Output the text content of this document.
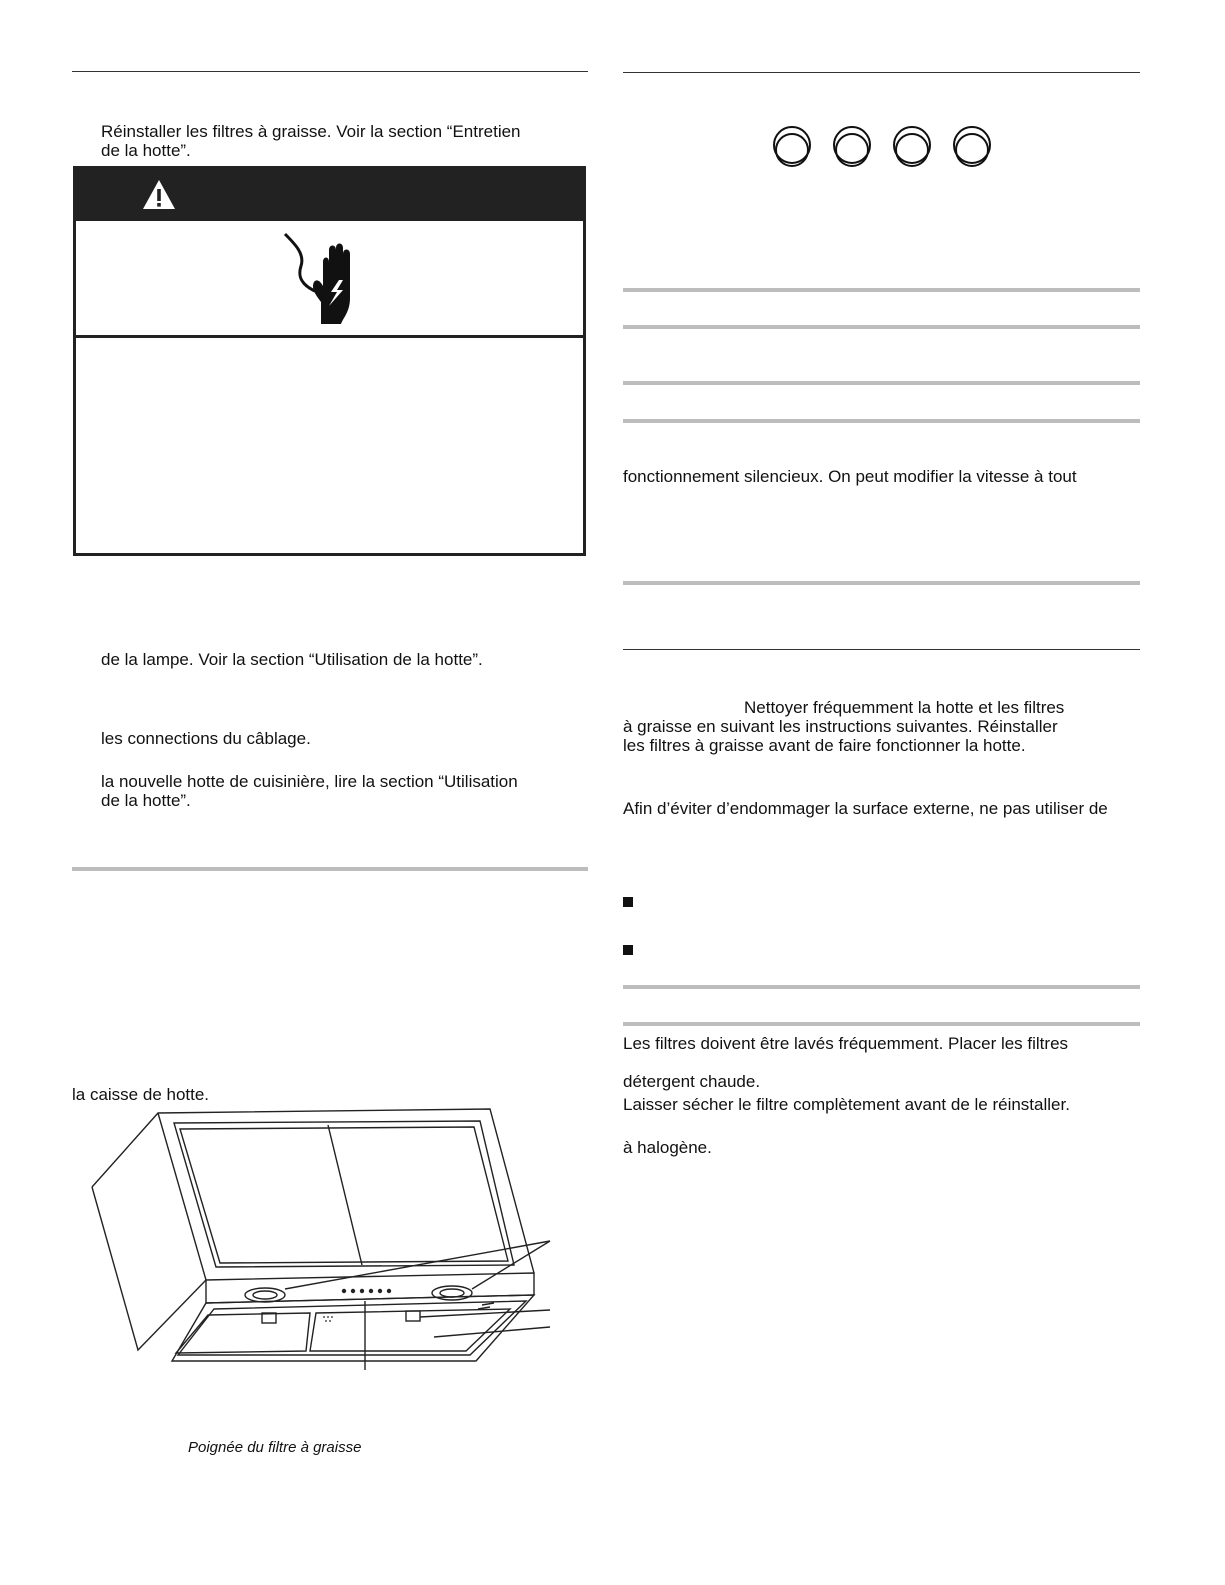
Réinstaller les filtres à graisse. Voir la section “Entretien
de la hotte”.
de la lampe. Voir la section “Utilisation de la hotte”.
les connections du câblage.
la nouvelle hotte de cuisinière, lire la section “Utilisation
de la hotte”.
la caisse de hotte.
Poignée du filtre à graisse
fonctionnement silencieux. On peut modifier la vitesse à tout
Nettoyer fréquemment la hotte et les filtres
à graisse en suivant les instructions suivantes. Réinstaller
les filtres à graisse avant de faire fonctionner la hotte.
Afin d’éviter d’endommager la surface externe, ne pas utiliser de
Les filtres doivent être lavés fréquemment. Placer les filtres
détergent chaude.
Laisser sécher le filtre complètement avant de le réinstaller.
à halogène.
